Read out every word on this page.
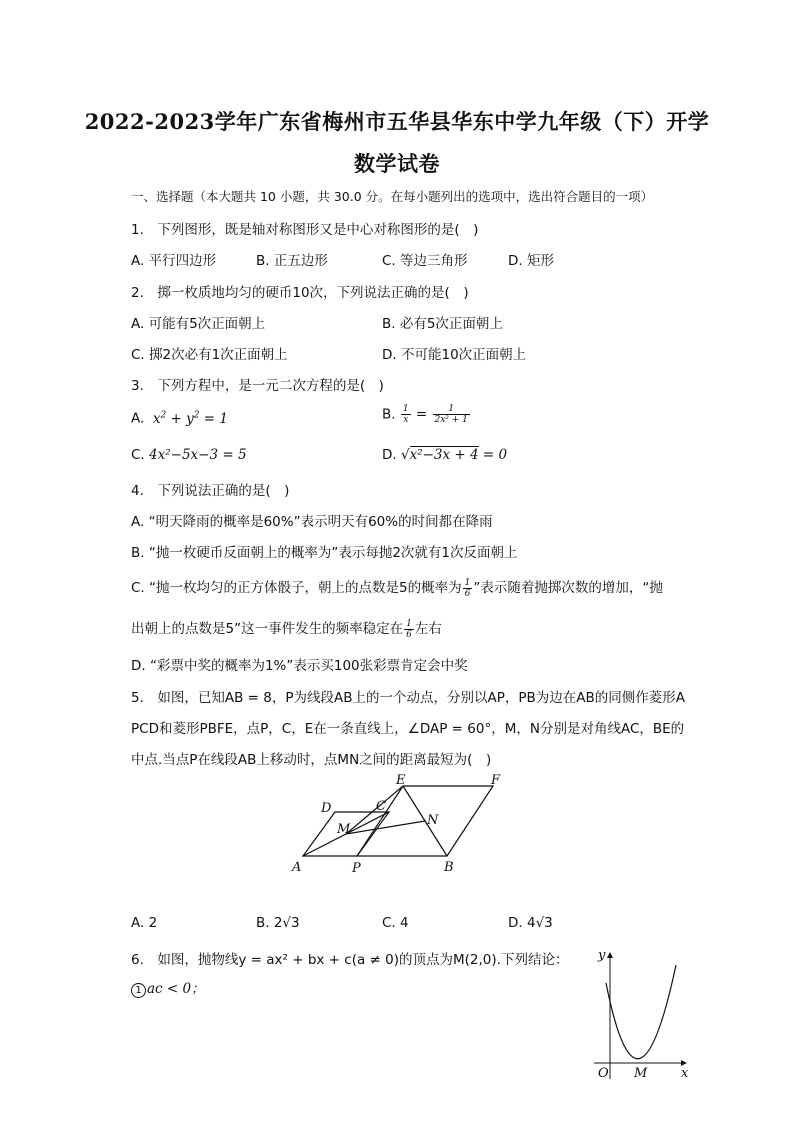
2022-2023学年广东省梅州市五华县华东中学九年级（下）开学
数学试卷
一、选择题（本大题共 10 小题，共 30.0 分。在每小题列出的选项中，选出符合题目的一项）
1.　下列图形，既是轴对称图形又是中心对称图形的是(　)
A. 平行四边形	B. 正五边形	C. 等边三角形	D. 矩形
2.　掷一枚质地均匀的硬币10次，下列说法正确的是(　)
A. 可能有5次正面朝上	B. 必有5次正面朝上
C. 掷2次必有1次正面朝上	D. 不可能10次正面朝上
3.　下列方程中，是一元二次方程的是(　)
A.  $x^2 + y^2 = 1$	B. $\frac{1}{x} = \frac{1}{\text{2x² + 1}}$
C. 4x²−5x−3 = 5	D. √x²−3x + 4 = 0
4.　下列说法正确的是(　)
A. “明天降雨的概率是60%”表示明天有60%的时间都在降雨
B. “抛一枚硬币反面朝上的概率为”表示每抛2次就有1次反面朝上
C. “抛一枚均匀的正方体骰子，朝上的点数是5的概率为 $\frac{1}{6}$ ”表示随着抛掷次数的增加，“抛
出朝上的点数是5”这一事件发生的频率稳定在 $\frac{1}{6}$ 左右
D. “彩票中奖的概率为1%”表示买100张彩票肯定会中奖
5.　如图，已知AB = 8，P为线段AB上的一个动点，分别以AP，PB为边在AB的同侧作菱形A
PCD和菱形PBFE，点P，C，E在一条直线上，∠DAP = 60°，M，N分别是对角线AC，BE的
中点.当点P在线段AB上移动时，点MN之间的距离最短为(　)
A	P	B
D	C
E	F
M
N
A. 2	B. 2√3	C. 4	D. 4√3
6.　如图，抛物线y = ax² + bx + c(a ≠ 0)的顶点为M(2,0).下列结论：
1 ac < 0；
y
x
O M
